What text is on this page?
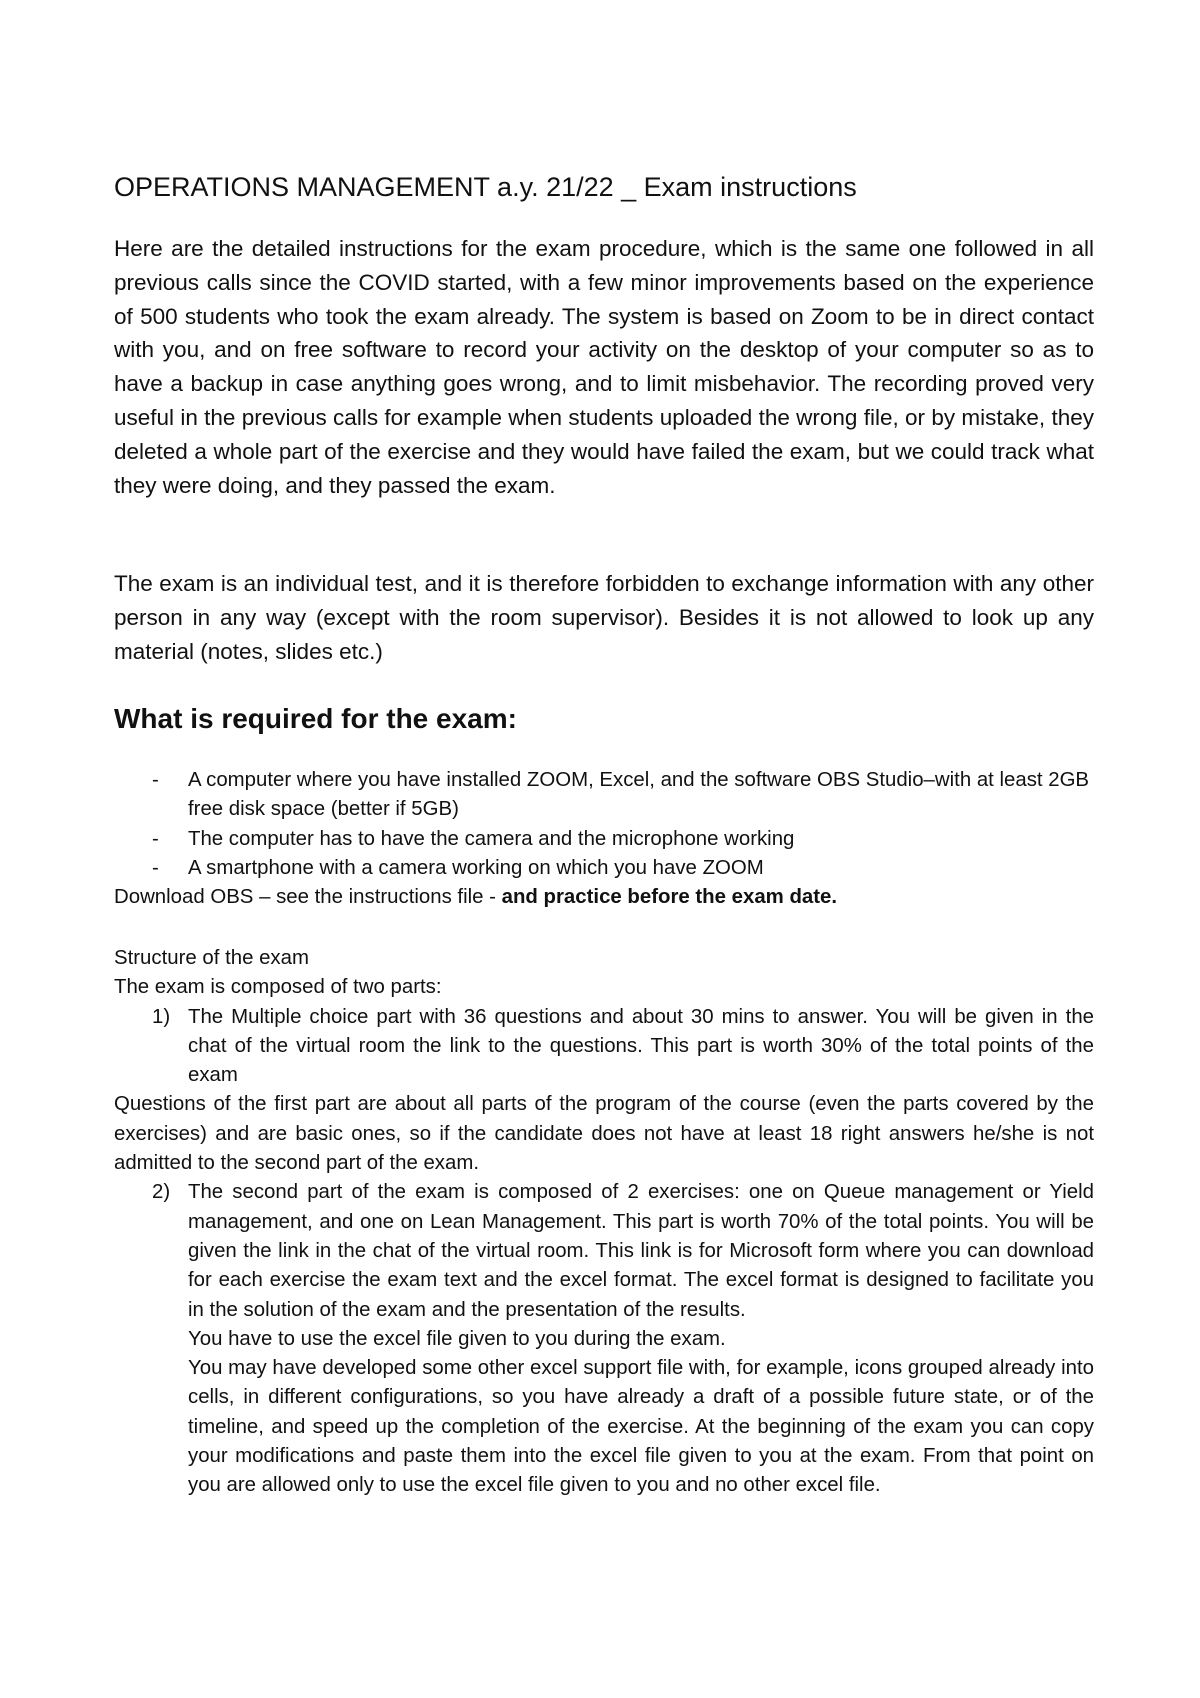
OPERATIONS MANAGEMENT a.y. 21/22 _ Exam instructions

Here are the detailed instructions for the exam procedure, which is the same one followed in all previous calls since the COVID started, with a few minor improvements based on the experience of 500 students who took the exam already. The system is based on Zoom to be in direct contact with you, and on free software to record your activity on the desktop of your computer so as to have a backup in case anything goes wrong, and to limit misbehavior. The recording proved very useful in the previous calls for example when students uploaded the wrong file, or by mistake, they deleted a whole part of the exercise and they would have failed the exam, but we could track what they were doing, and they passed the exam.

The exam is an individual test, and it is therefore forbidden to exchange information with any other person in any way (except with the room supervisor). Besides it is not allowed to look up any material (notes, slides etc.)

What is required for the exam:
- A computer where you have installed ZOOM, Excel, and the software OBS Studio–with at least 2GB free disk space (better if 5GB)
- The computer has to have the camera and the microphone working
- A smartphone with a camera working on which you have ZOOM
Download OBS – see the instructions file - and practice before the exam date.
Structure of the exam
The exam is composed of two parts:
1) The Multiple choice part with 36 questions and about 30 mins to answer. You will be given in the chat of the virtual room the link to the questions. This part is worth 30% of the total points of the exam
Questions of the first part are about all parts of the program of the course (even the parts covered by the exercises) and are basic ones, so if the candidate does not have at least 18 right answers he/she is not admitted to the second part of the exam.
2) The second part of the exam is composed of 2 exercises: one on Queue management or Yield management, and one on Lean Management. This part is worth 70% of the total points. You will be given the link in the chat of the virtual room. This link is for Microsoft form where you can download for each exercise the exam text and the excel format. The excel format is designed to facilitate you in the solution of the exam and the presentation of the results.
You have to use the excel file given to you during the exam.
You may have developed some other excel support file with, for example, icons grouped already into cells, in different configurations, so you have already a draft of a possible future state, or of the timeline, and speed up the completion of the exercise. At the beginning of the exam you can copy your modifications and paste them into the excel file given to you at the exam. From that point on you are allowed only to use the excel file given to you and no other excel file.
